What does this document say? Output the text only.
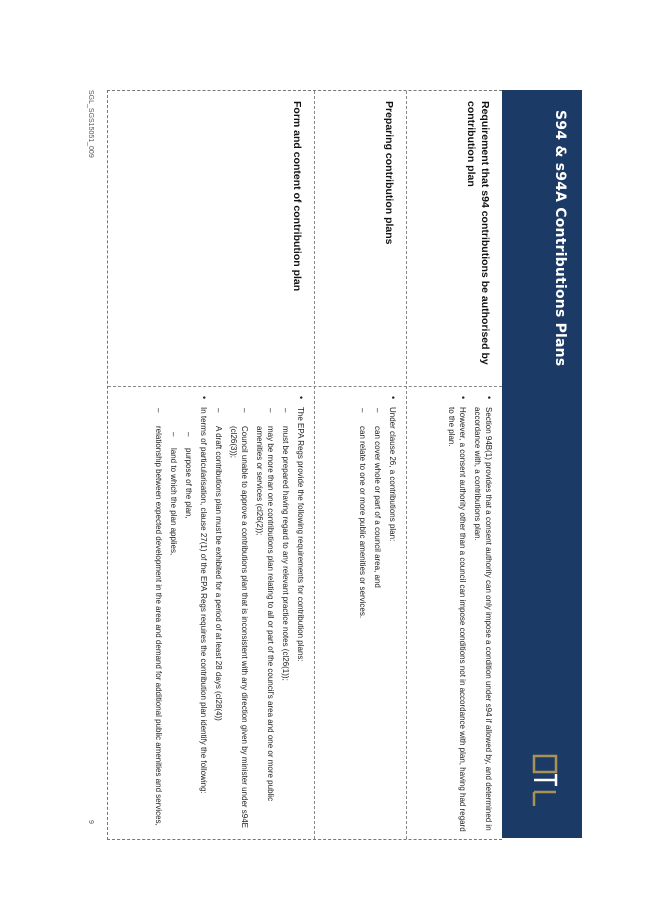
S94 & s94A Contributions Plans
Requirement that s94 contributions be authorised by contribution plan
• Section 94B(1) provides that a consent authority can only impose a condition under s94 if allowed by, and determined in accordance with, a contributions plan.
• However, a consent authority other than a council can impose conditions not in accordance with plan, having had regard to the plan.
Preparing contribution plans
• Under clause 26, a contributions plan:
– can cover whole or part of a council area, and
– can relate to one or more public amenities or services.
Form and content of contribution plan
• The EPA Regs provide the following requirements for contribution plans:
– must be prepared having regard to any relevant practice notes (cl26(1));
– may be more than one contributions plan relating to all or part of the council's area and one or more public amenities or services (cl26(2));
– Council unable to approve a contributions plan that is inconsistent with any direction given by minister under s94E (cl26(3));
– A draft contributions plan must be exhibited for a period of at least 28 days (cl28(4))
• In terms of particularisation, clause 27(1) of the EPA Regs requires the contribution plan identify the following:
– purpose of the plan,
– land to which the plan applies,
– relationship between expected development in the area and demand for additional public amenities and services,
SGL_SGS15051_009
9
